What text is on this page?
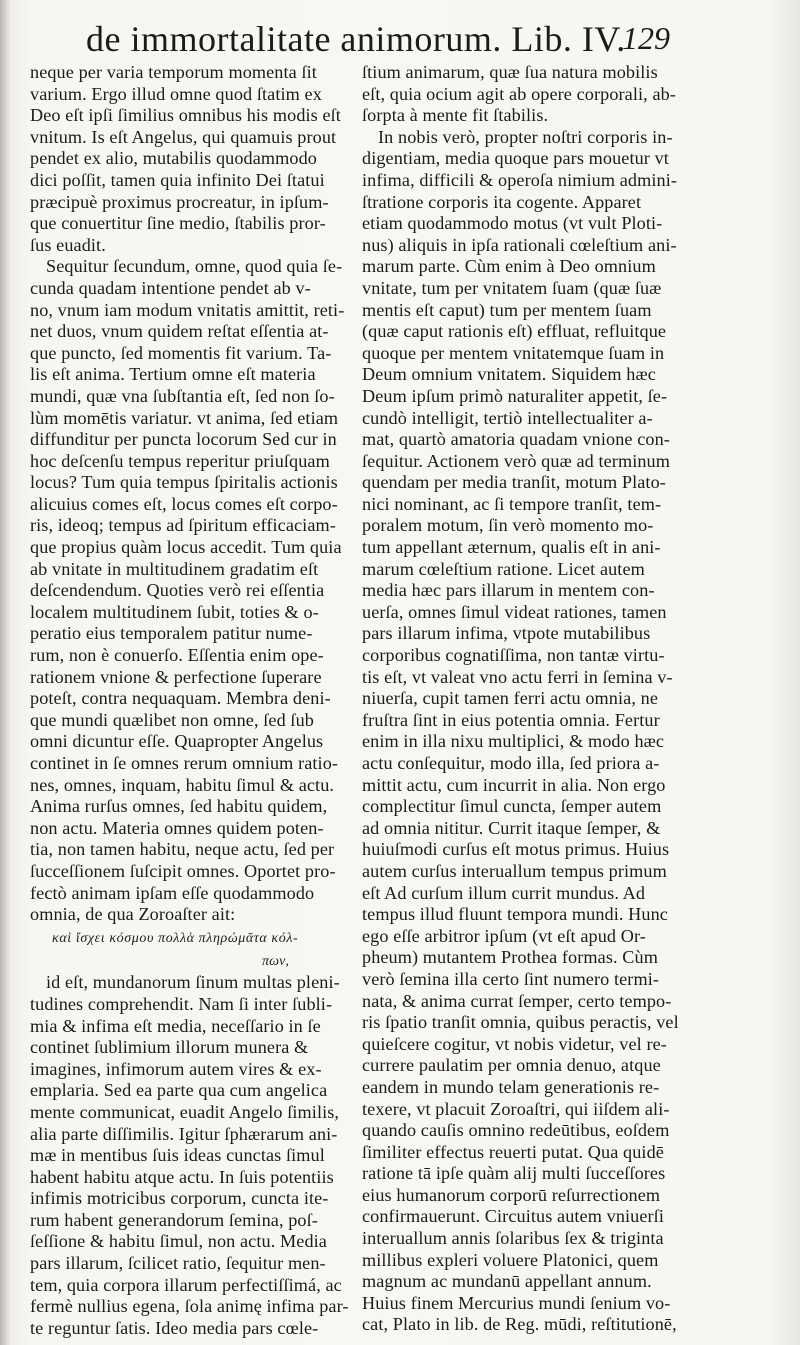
de immortalitate animorum. Lib. IV.
129
neque per varia temporum momenta ſit
varium. Ergo illud omne quod ſtatim ex
Deo eſt ipſi ſimilius omnibus his modis eſt
vnitum. Is eſt Angelus, qui quamuis prout
pendet ex alio, mutabilis quodammodo
dici poſſit, tamen quia infinito Dei ſtatui
præcipuè proximus procreatur, in ipſum-
que conuertitur ſine medio, ſtabilis pror-
ſus euadit.
Sequitur ſecundum, omne, quod quia ſe-
cunda quadam intentione pendet ab v-
no, vnum iam modum vnitatis amittit, reti-
net duos, vnum quidem reſtat eſſentia at-
que puncto, ſed momentis fit varium. Ta-
lis eſt anima. Tertium omne eſt materia
mundi, quæ vna ſubſtantia eſt, ſed non ſo-
lùm momētis variatur. vt anima, ſed etiam
diffunditur per puncta locorum Sed cur in
hoc deſcenſu tempus reperitur priuſquam
locus? Tum quia tempus ſpiritalis actionis
alicuius comes eſt, locus comes eſt corpo-
ris, ideoq; tempus ad ſpiritum efficaciam-
que propius quàm locus accedit. Tum quia
ab vnitate in multitudinem gradatim eſt
deſcendendum. Quoties verò rei eſſentia
localem multitudinem ſubit, toties & o-
peratio eius temporalem patitur nume-
rum, non è conuerſo. Eſſentia enim ope-
rationem vnione & perfectione ſuperare
poteſt, contra nequaquam. Membra deni-
que mundi quælibet non omne, ſed ſub
omni dicuntur eſſe. Quapropter Angelus
continet in ſe omnes rerum omnium ratio-
nes, omnes, inquam, habitu ſimul & actu.
Anima rurſus omnes, ſed habitu quidem,
non actu. Materia omnes quidem poten-
tia, non tamen habitu, neque actu, ſed per
ſucceſſionem ſuſcipit omnes. Oportet pro-
fectò animam ipſam eſſe quodammodo
omnia, de qua Zoroaſter ait:
καὶ ἴσχει κόσμου πολλὰ πληρώμᾶτα κόλ-
πων,
id eſt, mundanorum ſinum multas pleni-
tudines comprehendit. Nam ſi inter ſubli-
mia & infima eſt media, neceſſario in ſe
continet ſublimium illorum munera &
imagines, infimorum autem vires & ex-
emplaria. Sed ea parte qua cum angelica
mente communicat, euadit Angelo ſimilis,
alia parte diſſimilis. Igitur ſphærarum ani-
mæ in mentibus ſuis ideas cunctas ſimul
habent habitu atque actu. In ſuis potentiis
infimis motricibus corporum, cuncta ite-
rum habent generandorum ſemina, poſ-
ſeſſione & habitu ſimul, non actu. Media
pars illarum, ſcilicet ratio, ſequitur men-
tem, quia corpora illarum perfectiſſimá, ac
fermè nullius egena, ſola animę infima par-
te reguntur ſatis. Ideo media pars cœle-
ſtium animarum, quæ ſua natura mobilis
eſt, quia ocium agit ab opere corporali, ab-
ſorpta à mente fit ſtabilis.
In nobis verò, propter noſtri corporis in-
digentiam, media quoque pars mouetur vt
infima, difficili & operoſa nimium admini-
ſtratione corporis ita cogente. Apparet
etiam quodammodo motus (vt vult Ploti-
nus) aliquis in ipſa rationali cœleſtium ani-
marum parte. Cùm enim à Deo omnium
vnitate, tum per vnitatem ſuam (quæ ſuæ
mentis eſt caput) tum per mentem ſuam
(quæ caput rationis eſt) effluat, refluitque
quoque per mentem vnitatemque ſuam in
Deum omnium vnitatem. Siquidem hæc
Deum ipſum primò naturaliter appetit, ſe-
cundò intelligit, tertiò intellectualiter a-
mat, quartò amatoria quadam vnione con-
ſequitur. Actionem verò quæ ad terminum
quendam per media tranſit, motum Plato-
nici nominant, ac ſi tempore tranſit, tem-
poralem motum, ſin verò momento mo-
tum appellant æternum, qualis eſt in ani-
marum cœleſtium ratione. Licet autem
media hæc pars illarum in mentem con-
uerſa, omnes ſimul videat rationes, tamen
pars illarum infima, vtpote mutabilibus
corporibus cognatiſſima, non tantæ virtu-
tis eſt, vt valeat vno actu ferri in ſemina v-
niuerſa, cupit tamen ferri actu omnia, ne
fruſtra ſint in eius potentia omnia. Fertur
enim in illa nixu multiplici, & modo hæc
actu conſequitur, modo illa, ſed priora a-
mittit actu, cum incurrit in alia. Non ergo
complectitur ſimul cuncta, ſemper autem
ad omnia nititur. Currit itaque ſemper, &
huiuſmodi curſus eſt motus primus. Huius
autem curſus interuallum tempus primum
eſt Ad curſum illum currit mundus. Ad
tempus illud fluunt tempora mundi. Hunc
ego eſſe arbitror ipſum (vt eſt apud Or-
pheum) mutantem Prothea formas. Cùm
verò ſemina illa certo ſint numero termi-
nata, & anima currat ſemper, certo tempo-
ris ſpatio tranſit omnia, quibus peractis, vel
quieſcere cogitur, vt nobis videtur, vel re-
currere paulatim per omnia denuo, atque
eandem in mundo telam generationis re-
texere, vt placuit Zoroaſtri, qui iiſdem ali-
quando cauſis omnino redeūtibus, eoſdem
ſimiliter effectus reuerti putat. Qua quidē
ratione tā ipſe quàm alij multi ſucceſſores
eius humanorum corporū reſurrectionem
confirmauerunt. Circuitus autem vniuerſi
interuallum annis ſolaribus ſex & triginta
millibus expleri voluere Platonici, quem
magnum ac mundanū appellant annum.
Huius finem Mercurius mundi ſenium vo-
cat, Plato in lib. de Reg. mūdi, reſtitutionē,
